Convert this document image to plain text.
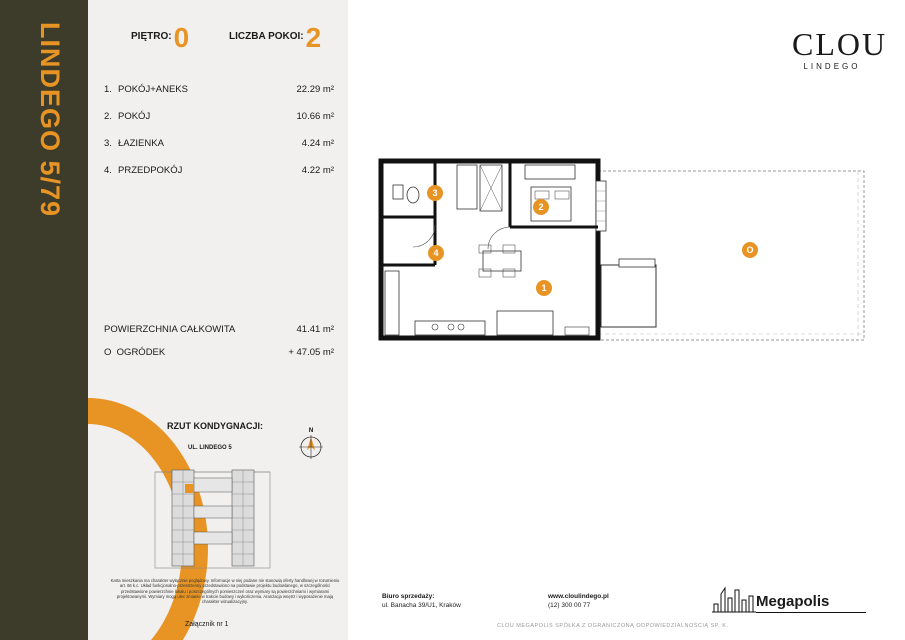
LINDEGO 5/79	PIĘTRO:0	LICZBA POKOI:2
1. POKÓJ+ANEKS	22.29 m²
2. POKÓJ	10.66 m²
3. ŁAZIENKA	4.24 m²
4. PRZEDPOKÓJ	4.22 m²
POWIERZCHNIA CAŁKOWITA	41.41 m²
O OGRÓDEK	+ 47.05 m²
RZUT KONDYGNACJI:
UL. LINDEGO 5
N
Karta mieszkania ma charakter wyłącznie poglądowy. Informacje w niej podane nie stanowią oferty handlowej w rozumieniu art. 66 k.c. Układ funkcjonalno-przestrzenny przedstawiono na podstawie projektu budowlanego, w szczególności przedstawione powierzchnie lokalu i poszczególnych pomieszczeń oraz wymiary są powierzchniami i wymiarami projektowanymi. Wymiary mogą ulec zmianie w trakcie budowy i wykończenia. Aranżacja wnętrz i wyposażenie mają charakter wizualizacyjny.
Załącznik nr 1
3
2
4
1
O
CLOU
LINDEGO
Biuro sprzedaży:
ul. Banacha 39/U1, Kraków
www.cloulindego.pl
(12) 300 00 77
CLOU MEGAPOLIS SPÓŁKA Z OGRANICZONĄ ODPOWIEDZIALNOŚCIĄ SP. K.
Megapolis
